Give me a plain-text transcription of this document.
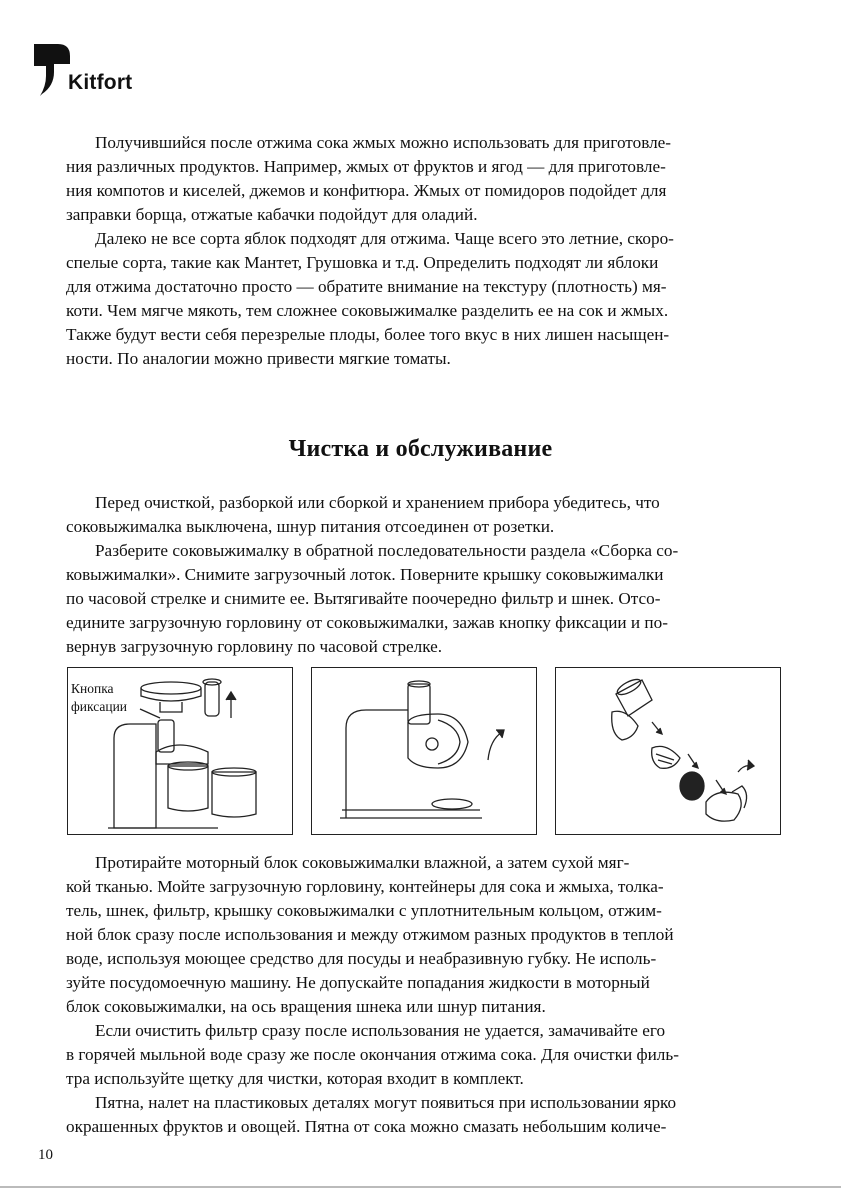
Kitfort
Получившийся после отжима сока жмых можно использовать для приготовле-
ния различных продуктов. Например, жмых от фруктов и ягод — для приготовле-
ния компотов и киселей, джемов и конфитюра. Жмых от помидоров подойдет для
заправки борща, отжатые кабачки подойдут для оладий.
Далеко не все сорта яблок подходят для отжима. Чаще всего это летние, скоро-
спелые сорта, такие как Мантет, Грушовка и т.д. Определить подходят ли яблоки
для отжима достаточно просто — обратите внимание на текстуру (плотность) мя-
коти. Чем мягче мякоть, тем сложнее соковыжималке разделить ее на сок и жмых.
Также будут вести себя перезрелые плоды, более того вкус в них лишен насыщен-
ности. По аналогии можно привести мягкие томаты.
Чистка и обслуживание
Перед очисткой, разборкой или сборкой и хранением прибора убедитесь, что
соковыжималка выключена, шнур питания отсоединен от розетки.
Разберите соковыжималку в обратной последовательности раздела «Сборка со-
ковыжималки». Снимите загрузочный лоток. Поверните крышку соковыжималки
по часовой стрелке и снимите ее. Вытягивайте поочередно фильтр и шнек. Отсо-
едините загрузочную горловину от соковыжималки, зажав кнопку фиксации и по-
вернув загрузочную горловину по часовой стрелке.
Кнопка
фиксации
Протирайте моторный блок соковыжималки влажной, а затем сухой мяг-
кой тканью. Мойте загрузочную горловину, контейнеры для сока и жмыха, толка-
тель, шнек, фильтр, крышку соковыжималки с уплотнительным кольцом, отжим-
ной блок сразу после использования и между отжимом разных продуктов в теплой
воде, используя моющее средство для посуды и неабразивную губку. Не исполь-
зуйте посудомоечную машину. Не допускайте попадания жидкости в моторный
блок соковыжималки, на ось вращения шнека или шнур питания.
Если очистить фильтр сразу после использования не удается, замачивайте его
в горячей мыльной воде сразу же после окончания отжима сока. Для очистки филь-
тра используйте щетку для чистки, которая входит в комплект.
Пятна, налет на пластиковых деталях могут появиться при использовании ярко
окрашенных фруктов и овощей. Пятна от сока можно смазать небольшим количе-
10
